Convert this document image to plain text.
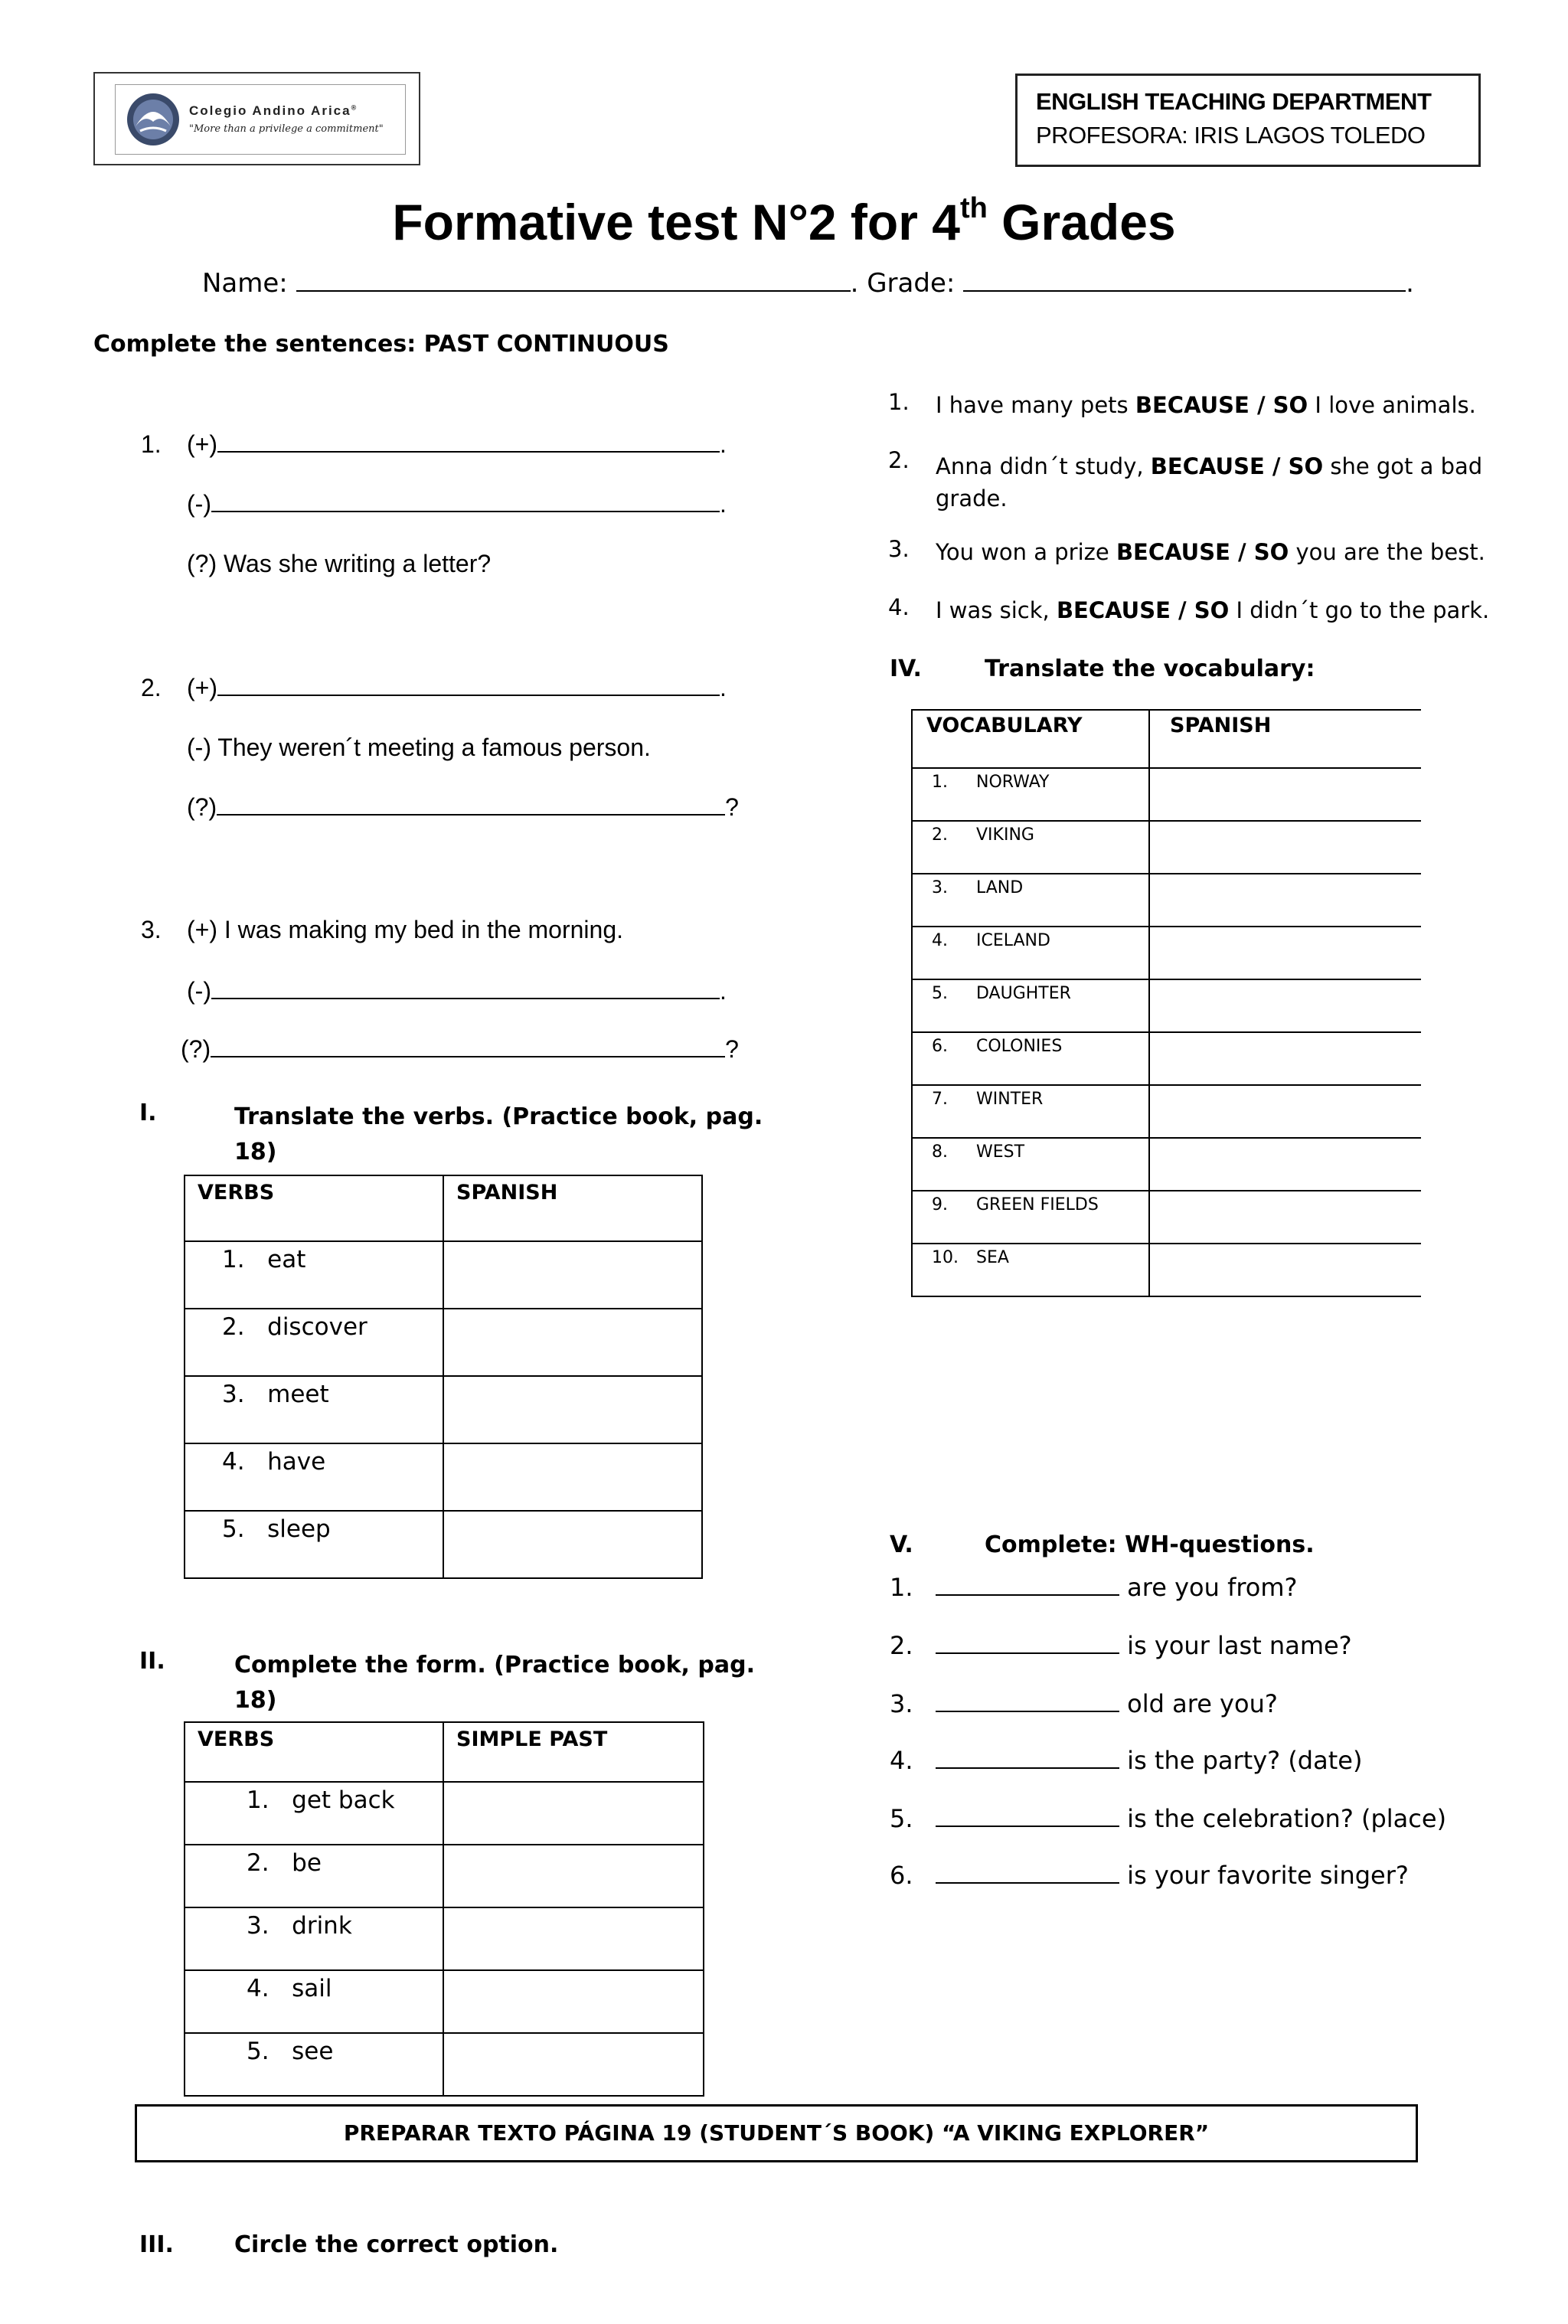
Colegio Andino Arica®
"More than a privilege a commitment"
ENGLISH TEACHING DEPARTMENT
PROFESORA: IRIS LAGOS TOLEDO
Formative test N°2 for 4th Grades
Name:	. Grade:	.
Complete the sentences: PAST CONTINUOUS
1. (+)	.
(-)	.
(?) Was she writing a letter?
2. (+)	.
(-) They weren´t meeting a famous person.
(?)	?
3. (+) I was making my bed in the morning.
(-)	.
(?)	?
I.	Translate the verbs. (Practice book, pag.
18)
VERBS	SPANISH

1. eat	

2. discover	

3. meet	

4. have	

5. sleep	

II.	Complete the form. (Practice book, pag.
18)
VERBS	SIMPLE PAST

1. get back	

2. be	

3. drink	

4. sail	

5. see	

PREPARAR TEXTO PÁGINA 19 (STUDENT´S BOOK) “A VIKING EXPLORER”
III.	Circle the correct option.
1. I have many pets BECAUSE / SO I love animals.
2. Anna didn´t study, BECAUSE / SO she got a bad
grade.
3. You won a prize BECAUSE / SO you are the best.
4. I was sick, BECAUSE / SO I didn´t go to the park.
IV.	Translate the vocabulary:
VOCABULARY	SPANISH

1. NORWAY	

2. VIKING	

3. LAND	

4. ICELAND	

5. DAUGHTER	

6. COLONIES	

7. WINTER	

8. WEST	

9. GREEN FIELDS	

10. SEA	

V.	Complete: WH-questions.
1.	are you from?
2.	is your last name?
3.	old are you?
4.	is the party? (date)
5.	is the celebration? (place)
6.	is your favorite singer?
